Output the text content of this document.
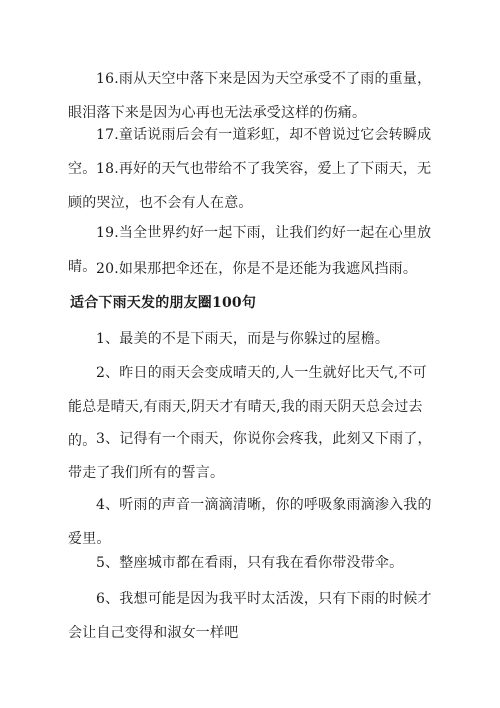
16.雨从天空中落下来是因为天空承受不了雨的重量，眼泪落下来是因为心再也无法承受这样的伤痛。

17.童话说雨后会有一道彩虹，却不曾说过它会转瞬成空。 18.再好的天气也带给不了我笑容，爱上了下雨天，无顾的哭泣，也不会有人在意。

19.当全世界约好一起下雨，让我们约好一起在心里放晴。 20.如果那把伞还在，你是不是还能为我遮风挡雨。

适合下雨天发的朋友圈100句

1、最美的不是下雨天，而是与你躲过的屋檐。

2、昨日的雨天会变成晴天的,人一生就好比天气,不可能总是晴天,有雨天,阴天才有晴天,我的雨天阴天总会过去的。 3、记得有一个雨天，你说你会疼我，此刻又下雨了，带走了我们所有的誓言。

4、听雨的声音一滴滴清晰，你的呼吸象雨滴渗入我的爱里。

5、整座城市都在看雨，只有我在看你带没带伞。

6、我想可能是因为我平时太活泼，只有下雨的时候才会让自己变得和淑女一样吧
